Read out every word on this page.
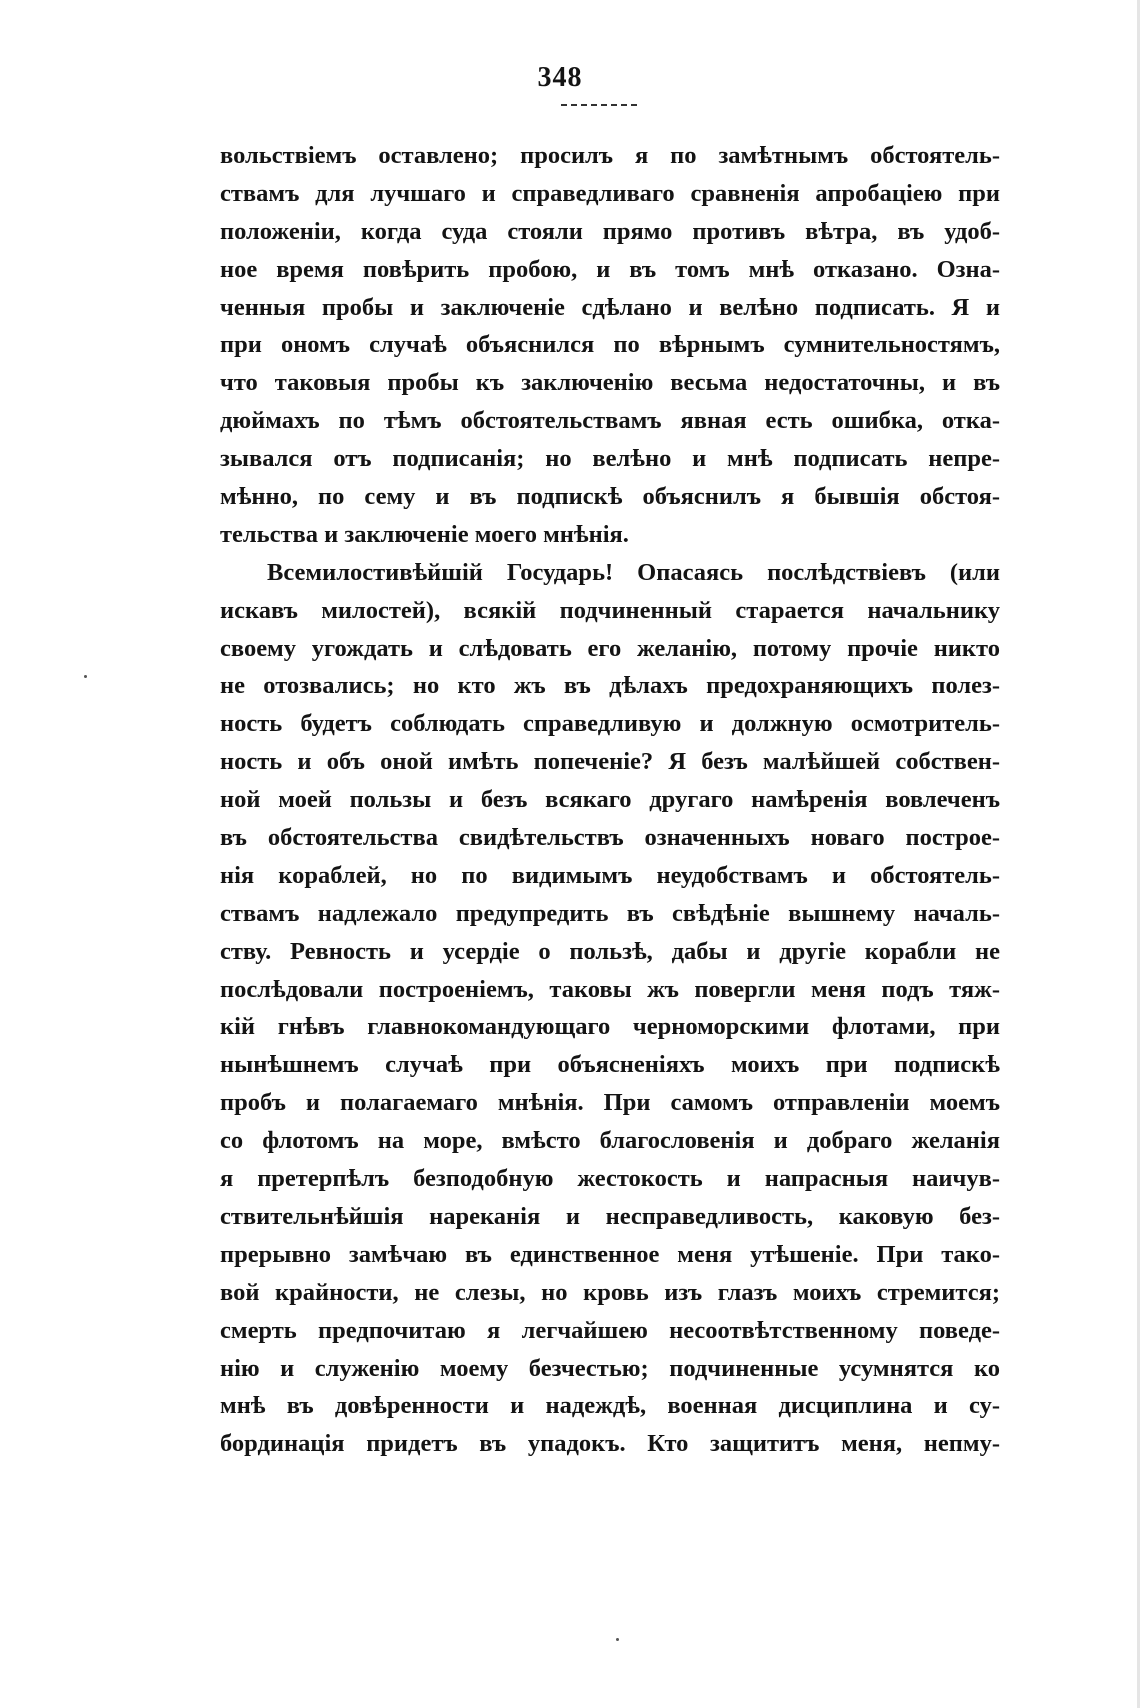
348
вольствіемъ оставлено; просилъ я по замѣтнымъ обстоятель-
ствамъ для лучшаго и справедливаго сравненія апробаціею при
положеніи, когда суда стояли прямо противъ вѣтра, въ удоб-
ное время повѣрить пробою, и въ томъ мнѣ отказано. Озна-
ченныя пробы и заключеніе сдѣлано и велѣно подписать. Я и
при ономъ случаѣ объяснился по вѣрнымъ сумнительностямъ,
что таковыя пробы къ заключенію весьма недостаточны, и въ
дюймахъ по тѣмъ обстоятельствамъ явная есть ошибка, отка-
зывался отъ подписанія; но велѣно и мнѣ подписать непре-
мѣнно, по сему и въ подпискѣ объяснилъ я бывшія обстоя-
тельства и заключеніе моего мнѣнія.
Всемилостивѣйшій Государь! Опасаясь послѣдствіевъ (или
искавъ милостей), всякій подчиненный старается начальнику
своему угождать и слѣдовать его желанію, потому прочіе никто
не отозвались; но кто жъ въ дѣлахъ предохраняющихъ полез-
ность будетъ соблюдать справедливую и должную осмотритель-
ность и объ оной имѣть попеченіе? Я безъ малѣйшей собствен-
ной моей пользы и безъ всякаго другаго намѣренія вовлеченъ
въ обстоятельства свидѣтельствъ означенныхъ новаго построе-
нія кораблей, но по видимымъ неудобствамъ и обстоятель-
ствамъ надлежало предупредить въ свѣдѣніе вышнему началь-
ству. Ревность и усердіе о пользѣ, дабы и другіе корабли не
послѣдовали построеніемъ, таковы жъ повергли меня подъ тяж-
кій гнѣвъ главнокомандующаго черноморскими флотами, при
нынѣшнемъ случаѣ при объясненіяхъ моихъ при подпискѣ
пробъ и полагаемаго мнѣнія. При самомъ отправленіи моемъ
со флотомъ на море, вмѣсто благословенія и добраго желанія
я претерпѣлъ безподобную жестокость и напрасныя наичув-
ствительнѣйшія нареканія и несправедливость, каковую без-
прерывно замѣчаю въ единственное меня утѣшеніе. При тако-
вой крайности, не слезы, но кровь изъ глазъ моихъ стремится;
смерть предпочитаю я легчайшею несоотвѣтственному поведе-
нію и служенію моему безчестью; подчиненные усумнятся ко
мнѣ въ довѣренности и надеждѣ, военная дисциплина и су-
бординація придетъ въ упадокъ. Кто защититъ меня, непму-
